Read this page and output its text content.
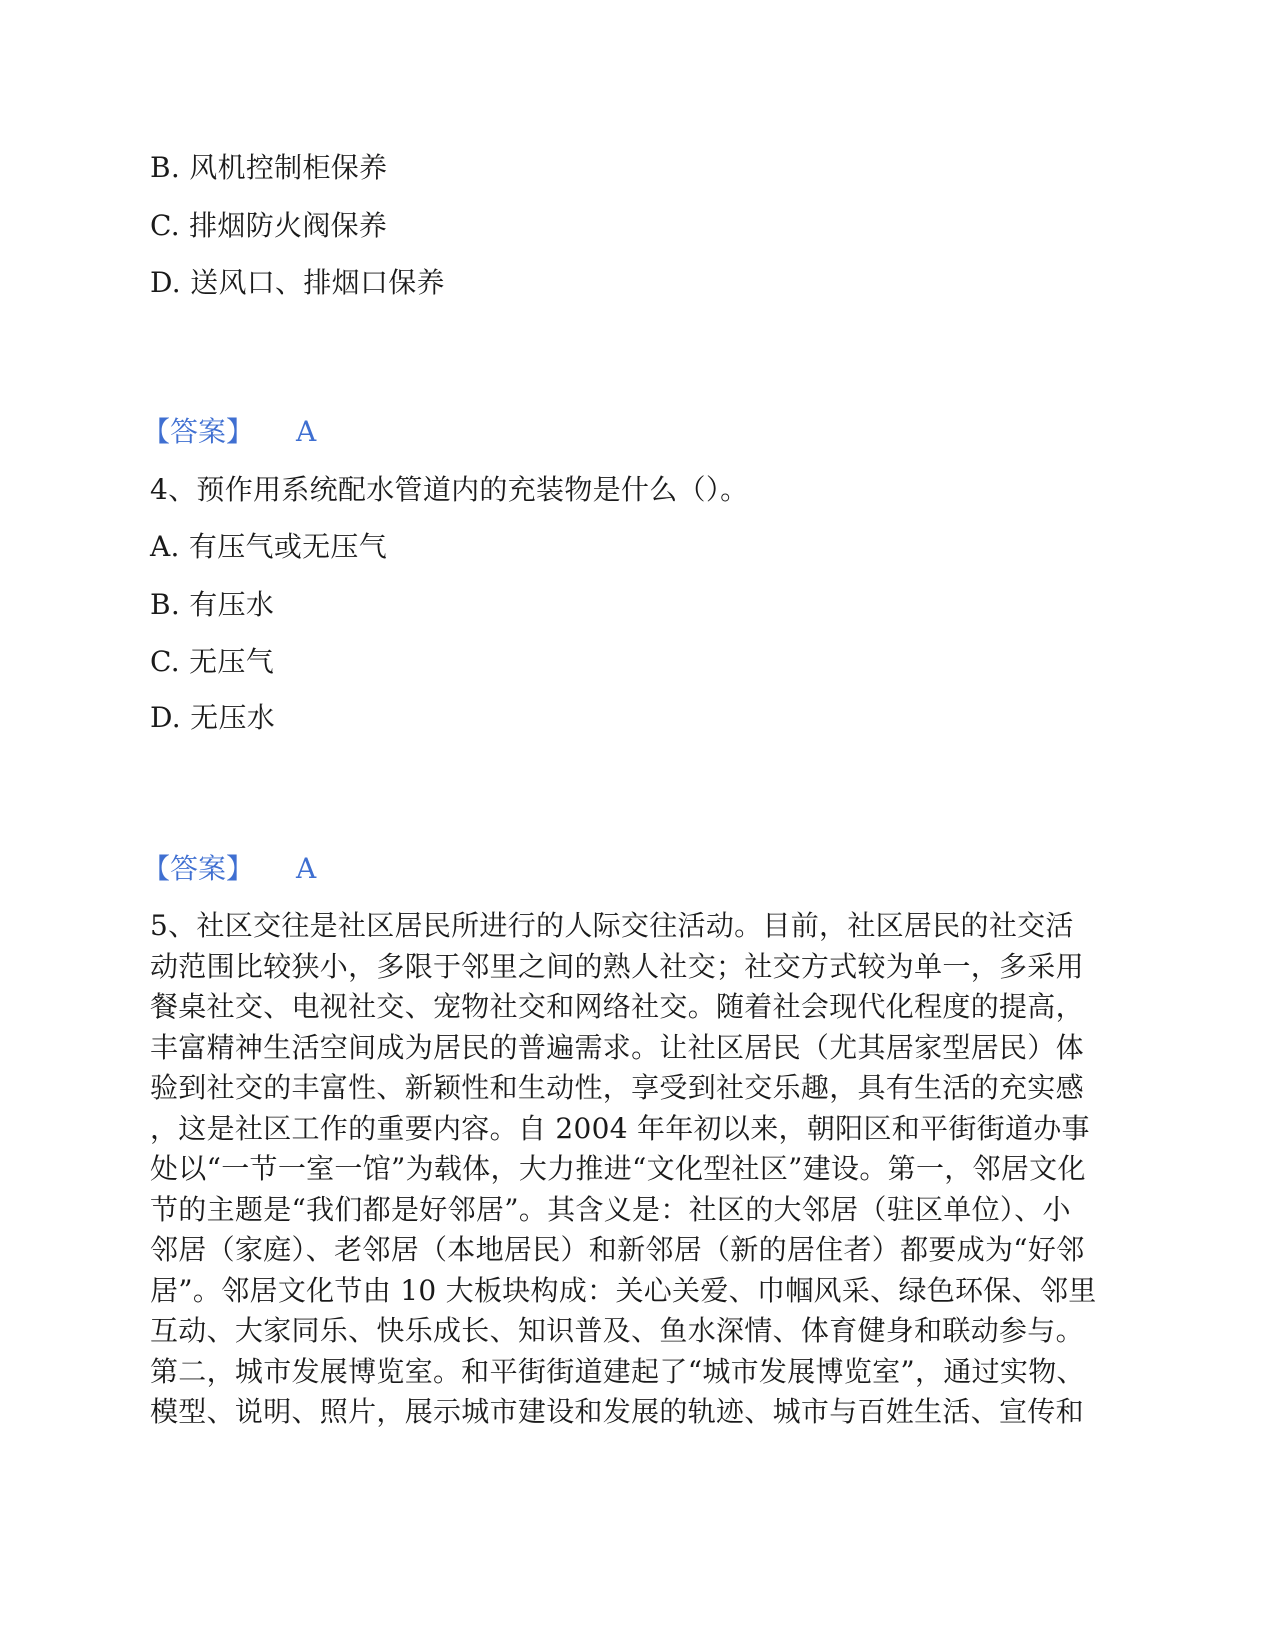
B. 风机控制柜保养
C. 排烟防火阀保养
D. 送风口、排烟口保养
【答案】 A
4、预作用系统配水管道内的充装物是什么（）。
A. 有压气或无压气
B. 有压水
C. 无压气
D. 无压水
【答案】 A
5、社区交往是社区居民所进行的人际交往活动。目前，社区居民的社交活
动范围比较狭小，多限于邻里之间的熟人社交；社交方式较为单一，多采用
餐桌社交、电视社交、宠物社交和网络社交。随着社会现代化程度的提高，
丰富精神生活空间成为居民的普遍需求。让社区居民（尤其居家型居民）体
验到社交的丰富性、新颖性和生动性，享受到社交乐趣，具有生活的充实感
，这是社区工作的重要内容。自 2004 年年初以来，朝阳区和平街街道办事
处以“一节一室一馆”为载体，大力推进“文化型社区”建设。第一，邻居文化
节的主题是“我们都是好邻居”。其含义是：社区的大邻居（驻区单位）、小
邻居（家庭）、老邻居（本地居民）和新邻居（新的居住者）都要成为“好邻
居”。邻居文化节由 10 大板块构成：关心关爱、巾帼风采、绿色环保、邻里
互动、大家同乐、快乐成长、知识普及、鱼水深情、体育健身和联动参与。
第二，城市发展博览室。和平街街道建起了“城市发展博览室”，通过实物、
模型、说明、照片，展示城市建设和发展的轨迹、城市与百姓生活、宣传和
